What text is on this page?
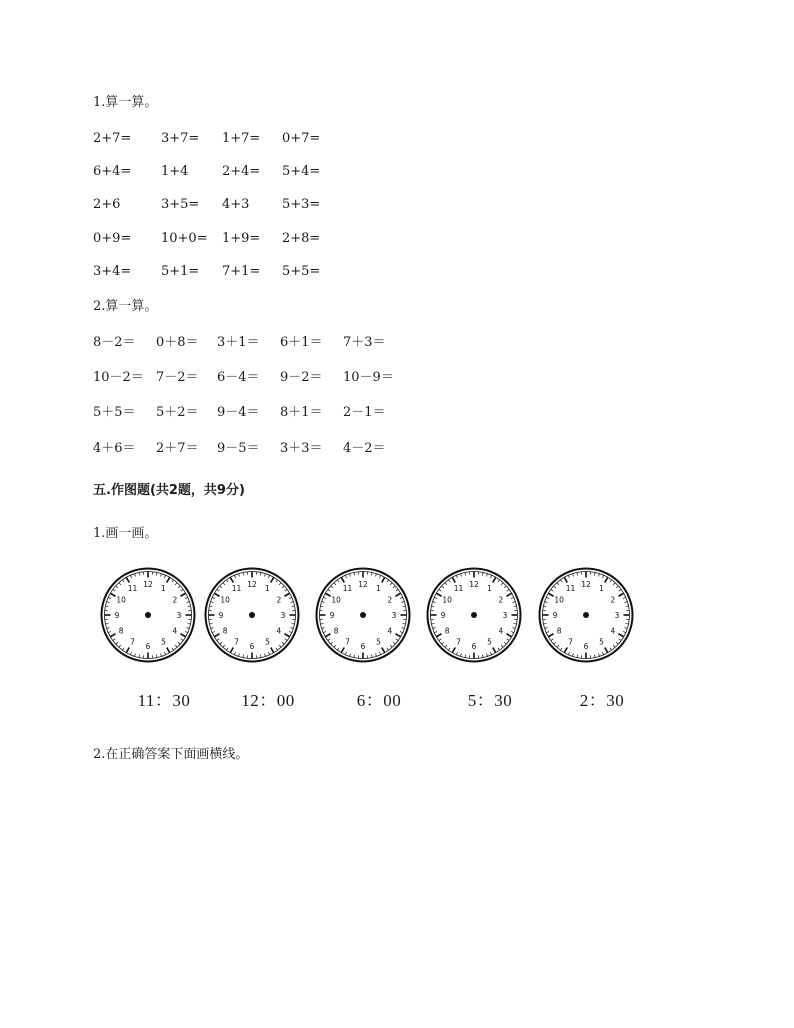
1.算一算。
2+7= 3+7= 1+7= 0+7=
6+4= 1+4	2+4= 5+4=
2+6	3+5= 4+3	5+3=
0+9= 10+0= 1+9= 2+8=
3+4= 5+1= 7+1= 5+5=
2.算一算。
8－2＝ 0＋8＝ 3＋1＝ 6＋1＝ 7＋3＝
10－2＝ 7－2＝ 6－4＝ 9－2＝ 10－9＝
5＋5＝ 5＋2＝ 9－4＝ 8＋1＝ 2－1＝
4＋6＝ 2＋7＝ 9－5＝ 3＋3＝ 4－2＝
五.作图题(共2题，共9分)
1.画一画。
12 1
2
3
4
5
6
7
8
9
10
11
11：30
12 1
2
3
4
5
6
7
8
9
10
11
12：00
12 1
2
3
4
5
6
7
8
9
10
11
6：00
12 1
2
3
4
5
6
7
8
9
10
11
5：30
12 1
2
3
4
5
6
7
8
9
10
11
2：30
2.在正确答案下面画横线。
